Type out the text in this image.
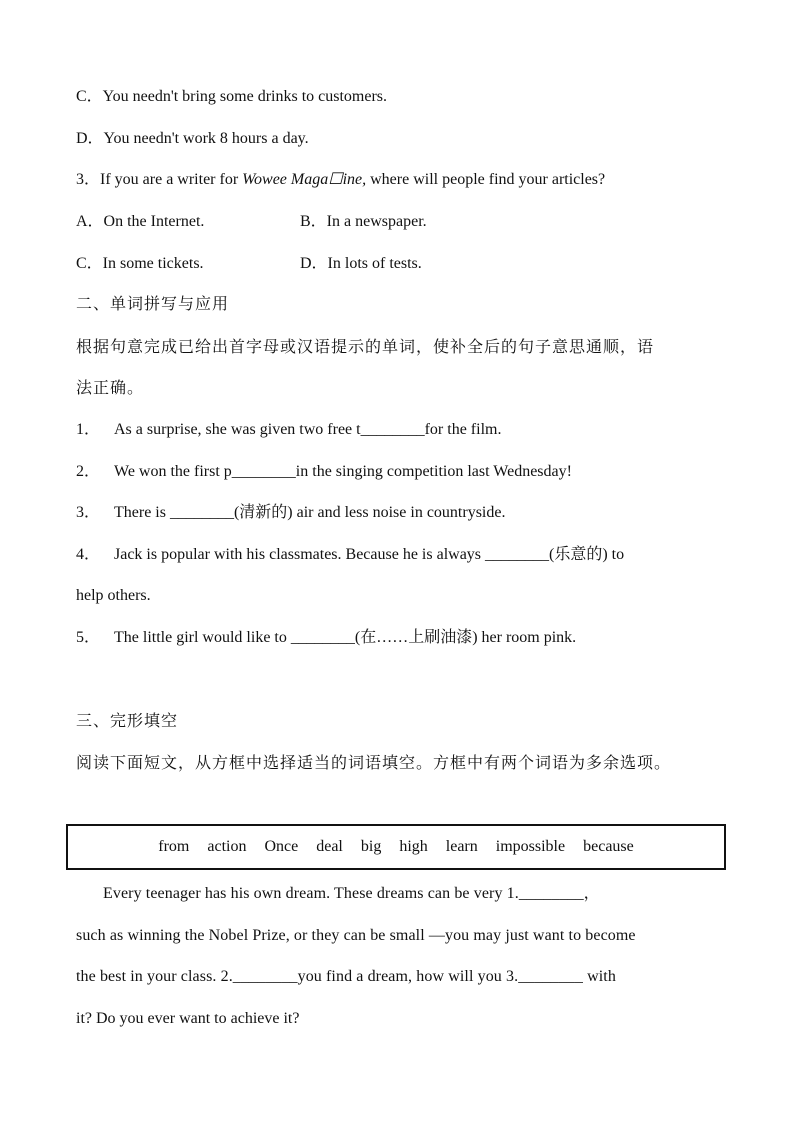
C．You needn't bring some drinks to customers.
D．You needn't work 8 hours a day.
3．If you are a writer for Wowee Maga☐ine, where will people find your articles?
A．On the Internet.	B．In a newspaper.
C．In some tickets.	D．In lots of tests.
二、单词拼写与应用
根据句意完成已给出首字母或汉语提示的单词，使补全后的句子意思通顺，语
法正确。
1． As a surprise, she was given two free t________for the film.
2． We won the first p________in the singing competition last Wednesday!
3． There is ________(清新的) air and less noise in countryside.
4． Jack is popular with his classmates. Because he is always ________(乐意的) to
help others.
5． The little girl would like to ________(在……上刷油漆) her room pink.
三、完形填空
阅读下面短文，从方框中选择适当的词语填空。方框中有两个词语为多余选项。
from action Once deal big high learn impossible because
Every teenager has his own dream. These dreams can be very 1.________，
such as winning the Nobel Prize, or they can be small —you may just want to become
the best in your class. 2.________you find a dream, how will you 3.________ with
it? Do you ever want to achieve it?
